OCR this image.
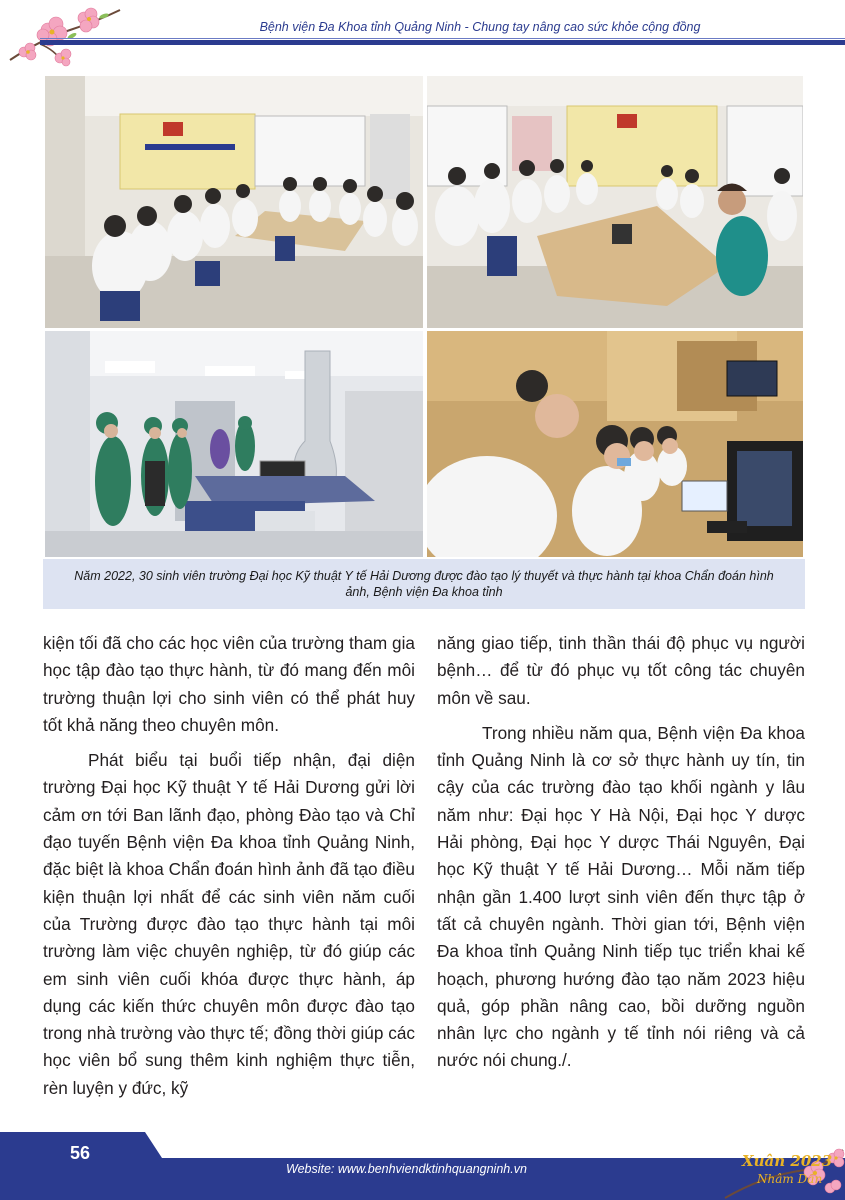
Bệnh viện Đa Khoa tỉnh Quảng Ninh - Chung tay nâng cao sức khỏe cộng đồng
Năm 2022, 30 sinh viên trường Đại học Kỹ thuật Y tế Hải Dương được đào tạo lý thuyết và thực hành tại khoa Chẩn đoán hình ảnh, Bệnh viện Đa khoa tỉnh

kiện tối đã cho các học viên của trường tham gia học tập đào tạo thực hành, từ đó mang đến môi trường thuận lợi cho sinh viên có thể phát huy tốt khả năng theo chuyên môn.

Phát biểu tại buổi tiếp nhận, đại diện trường Đại học Kỹ thuật Y tế Hải Dương gửi lời cảm ơn tới Ban lãnh đạo, phòng Đào tạo và Chỉ đạo tuyến Bệnh viện Đa khoa tỉnh Quảng Ninh, đặc biệt là khoa Chẩn đoán hình ảnh đã tạo điều kiện thuận lợi nhất để các sinh viên năm cuối của Trường được đào tạo thực hành tại môi trường làm việc chuyên nghiệp, từ đó giúp các em sinh viên cuối khóa được thực hành, áp dụng các kiến thức chuyên môn được đào tạo trong nhà trường vào thực tế; đồng thời giúp các học viên bổ sung thêm kinh nghiệm thực tiễn, rèn luyện y đức, kỹ

năng giao tiếp, tinh thần thái độ phục vụ người bệnh… để từ đó phục vụ tốt công tác chuyên môn về sau.

Trong nhiều năm qua, Bệnh viện Đa khoa tỉnh Quảng Ninh là cơ sở thực hành uy tín, tin cậy của các trường đào tạo khối ngành y lâu năm như: Đại học Y Hà Nội, Đại học Y dược Hải phòng, Đại học Y dược Thái Nguyên, Đại học Kỹ thuật Y tế Hải Dương… Mỗi năm tiếp nhận gần 1.400 lượt sinh viên đến thực tập ở tất cả chuyên ngành. Thời gian tới, Bệnh viện Đa khoa tỉnh Quảng Ninh tiếp tục triển khai kế hoạch, phương hướng đào tạo năm 2023 hiệu quả, góp phần nâng cao, bồi dưỡng nguồn nhân lực cho ngành y tế tỉnh nói riêng và cả nước nói chung./.

56
Website: www.benhviendktinhquangninh.vn	Xuân 2023
Nhâm Dần
